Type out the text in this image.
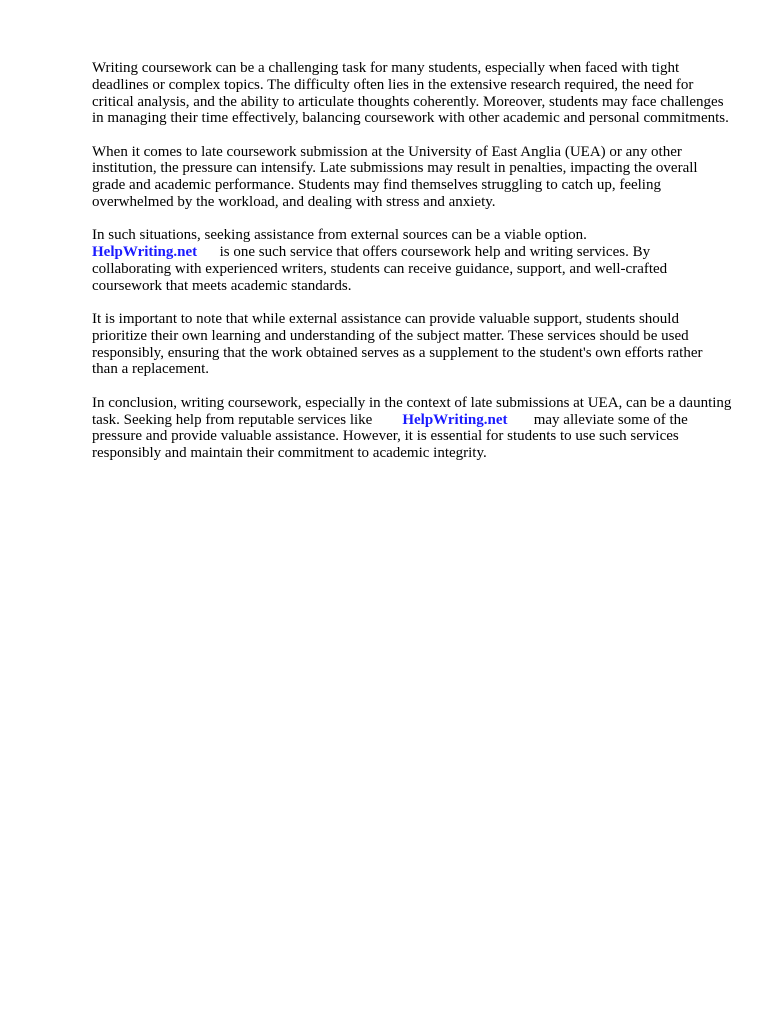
Writing coursework can be a challenging task for many students, especially when faced with tight deadlines or complex topics. The difficulty often lies in the extensive research required, the need for critical analysis, and the ability to articulate thoughts coherently. Moreover, students may face challenges in managing their time effectively, balancing coursework with other academic and personal commitments.

When it comes to late coursework submission at the University of East Anglia (UEA) or any other institution, the pressure can intensify. Late submissions may result in penalties, impacting the overall grade and academic performance. Students may find themselves struggling to catch up, feeling overwhelmed by the workload, and dealing with stress and anxiety.

In such situations, seeking assistance from external sources can be a viable option.
HelpWriting.net is one such service that offers coursework help and writing services. By collaborating with experienced writers, students can receive guidance, support, and well-crafted coursework that meets academic standards.

It is important to note that while external assistance can provide valuable support, students should prioritize their own learning and understanding of the subject matter. These services should be used responsibly, ensuring that the work obtained serves as a supplement to the student's own efforts rather than a replacement.

In conclusion, writing coursework, especially in the context of late submissions at UEA, can be a daunting task. Seeking help from reputable services like HelpWriting.net may alleviate some of the pressure and provide valuable assistance. However, it is essential for students to use such services responsibly and maintain their commitment to academic integrity.
